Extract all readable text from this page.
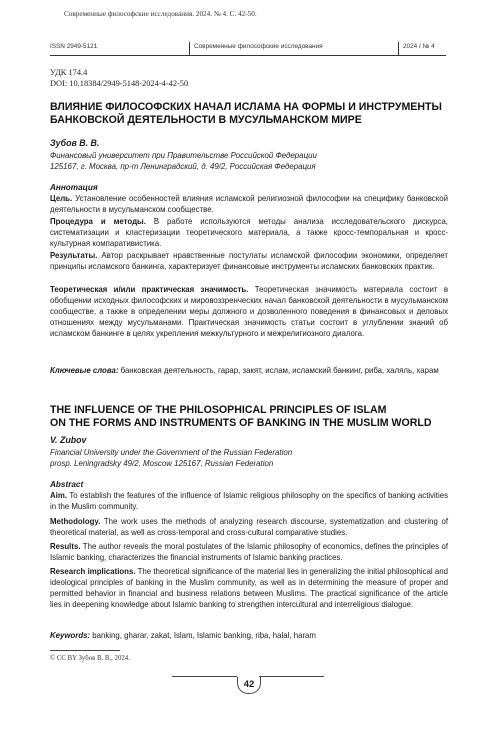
Современные философские исследования. 2024. № 4. С. 42-50.
ISSN 2949-5121	Современные философские исследования	2024 / № 4
УДК 174.4
DOI: 10.18384/2949-5148-2024-4-42-50
ВЛИЯНИЕ ФИЛОСОФСКИХ НАЧАЛ ИСЛАМА НА ФОРМЫ И ИНСТРУМЕНТЫ
БАНКОВСКОЙ ДЕЯТЕЛЬНОСТИ В МУСУЛЬМАНСКОМ МИРЕ
Зубов В. В.
Финансовый университет при Правительстве Российской Федерации
125167, г. Москва, пр-т Ленинградский, д. 49/2, Российская Федерация
Аннотация
Цель. Установление особенностей влияния исламской религиозной философии на специфику банковской деятельности в мусульманском сообществе.
Процедура и методы. В работе используются методы анализа исследовательского дискурса, систематизации и кластеризации теоретического материала, а также кросс-темпоральная и кросс-культурная компаративистика.
Результаты. Автор раскрывает нравственные постулаты исламской философии экономики, определяет принципы исламского банкинга, характеризует финансовые инструменты исламских банковских практик.
Теоретическая и/или практическая значимость. Теоретическая значимость материала состоит в обобщении исходных философских и мировоззренческих начал банковской деятельности в мусульманском сообществе, а также в определении меры должного и дозволенного поведения в финансовых и деловых отношениях между мусульманами. Практическая значимость статьи состоит в углублении знаний об исламском банкинге в целях укрепления межкультурного и межрелигиозного диалога.
Ключевые слова: банковская деятельность, гарар, закят, ислам, исламский банкинг, риба, халяль, харам
THE INFLUENCE OF THE PHILOSOPHICAL PRINCIPLES OF ISLAM
ON THE FORMS AND INSTRUMENTS OF BANKING IN THE MUSLIM WORLD
V. Zubov
Financial University under the Government of the Russian Federation
prosp. Leningradsky 49/2, Moscow 125167, Russian Federation
Abstract
Aim. To establish the features of the influence of Islamic religious philosophy on the specifics of banking activities in the Muslim community.
Methodology. The work uses the methods of analyzing research discourse, systematization and clustering of theoretical material, as well as cross-temporal and cross-cultural comparative studies.
Results. The author reveals the moral postulates of the Islamic philosophy of economics, defines the principles of Islamic banking, characterizes the financial instruments of Islamic banking practices.
Research implications. The theoretical significance of the material lies in generalizing the initial philosophical and ideological principles of banking in the Muslim community, as well as in determining the measure of proper and permitted behavior in financial and business relations between Muslims. The practical significance of the article lies in deepening knowledge about Islamic banking to strengthen intercultural and interreligious dialogue.
Keywords: banking, gharar, zakat, Islam, Islamic banking, riba, halal, haram
© CC BY Зубов В. В., 2024.
42
